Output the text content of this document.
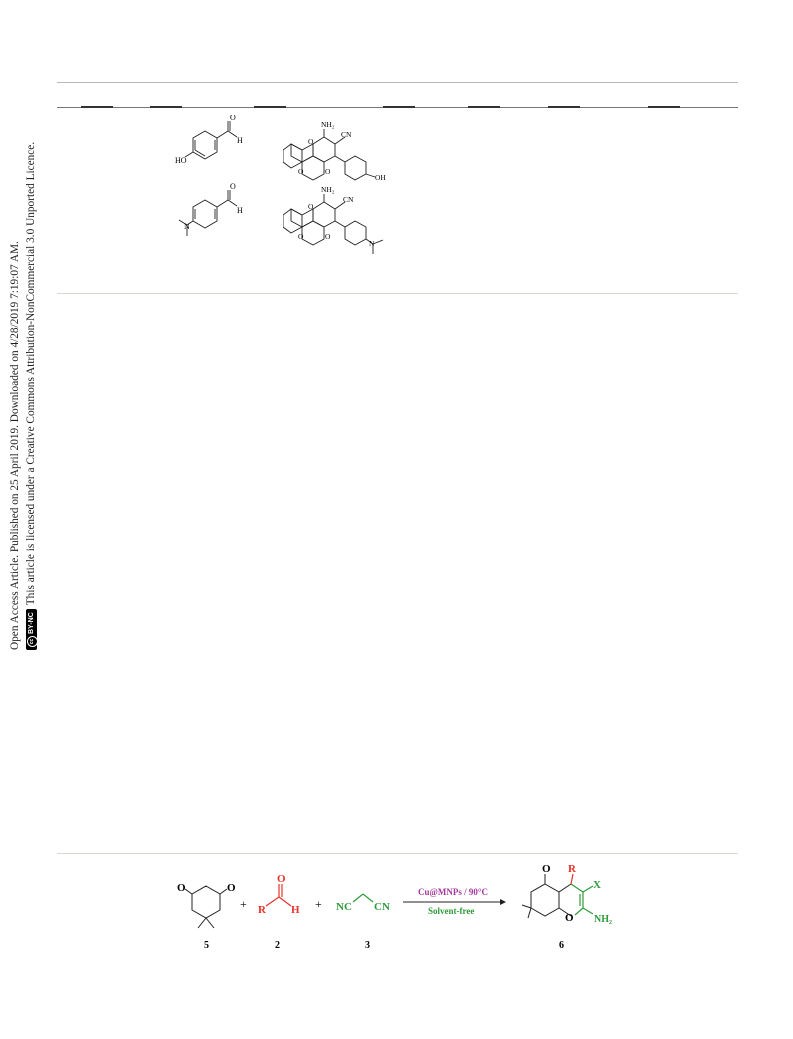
Open Access Article. Published on 25 April 2019. Downloaded on 4/28/2019 7:19:07 AM.	ccBY-NCThis article is licensed under a Creative Commons Attribution-NonCommercial 3.0 Unported Licence.
O
H
HO
NH₂
CN
O
O	O
OH
O
H
N
NH₂
CN
O
O	O
N
O	O
5
+
O
R H
2
+ NC CN
3
Cu@MNPs / 90°C
Solvent-free
O R
X
O NH₂
6
